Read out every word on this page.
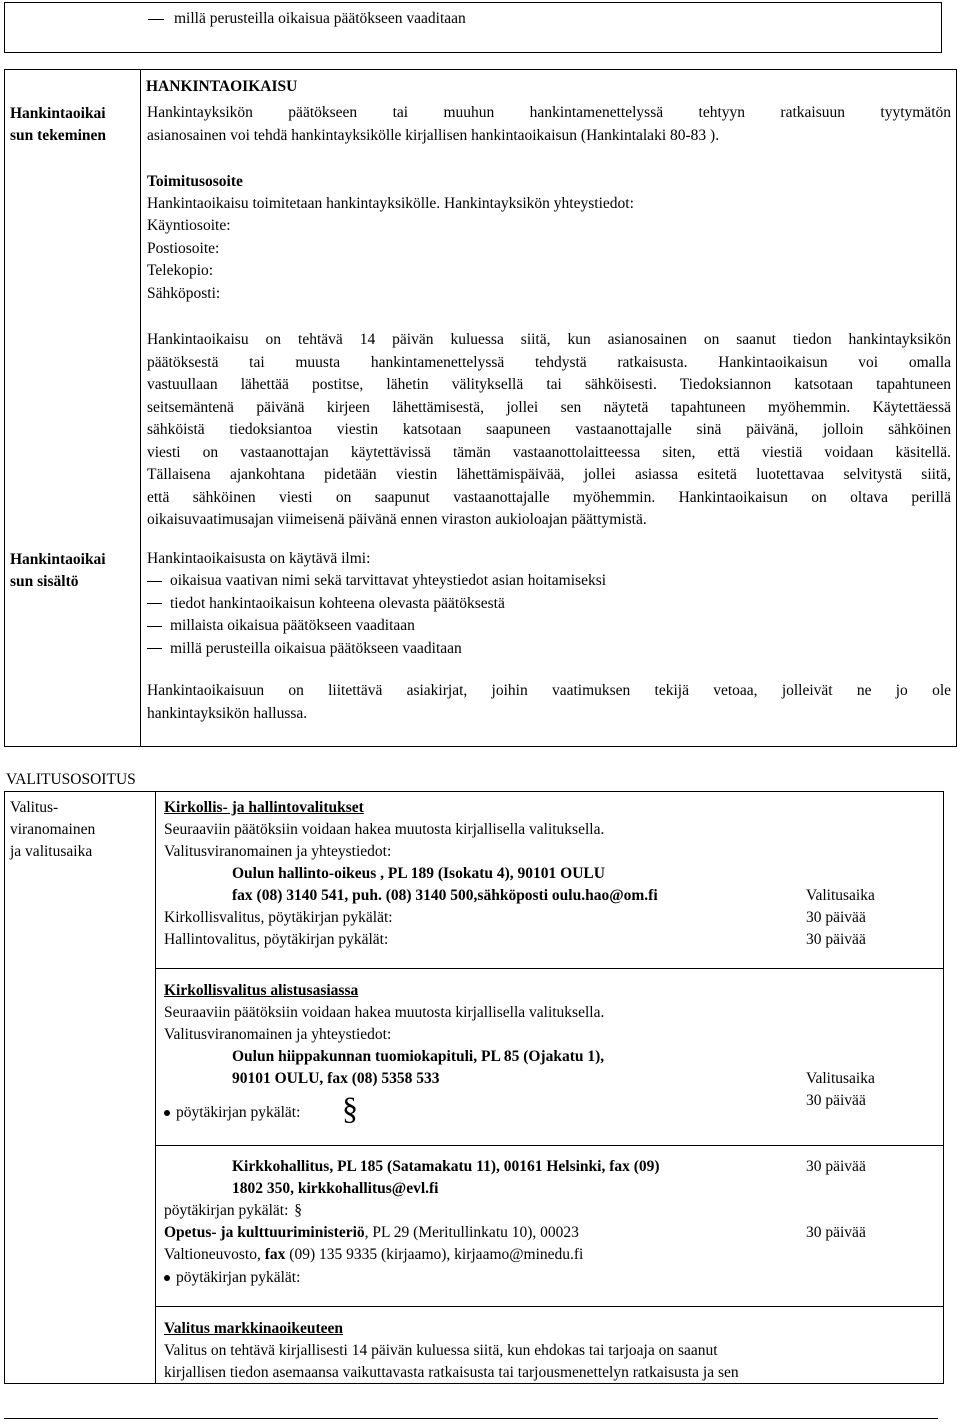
millä perusteilla oikaisua päätökseen vaaditaan
Hankintaoikai
sun tekeminen
HANKINTAOIKAISU
Hankintayksikön päätökseen tai muuhun hankintamenettelyssä tehtyyn ratkaisuun tyytymätön
asianosainen voi tehdä hankintayksikölle kirjallisen hankintaoikaisun (Hankintalaki 80-83 ).
Toimitusosoite
Hankintaoikaisu toimitetaan hankintayksikölle. Hankintayksikön yhteystiedot:
Käyntiosoite:
Postiosoite:
Telekopio:
Sähköposti:
Hankintaoikaisu on tehtävä 14 päivän kuluessa siitä, kun asianosainen on saanut tiedon hankintayksikön
päätöksestä tai muusta hankintamenettelyssä tehdystä ratkaisusta. Hankintaoikaisun voi omalla
vastuullaan lähettää postitse, lähetin välityksellä tai sähköisesti. Tiedoksiannon katsotaan tapahtuneen
seitsemäntenä päivänä kirjeen lähettämisestä, jollei sen näytetä tapahtuneen myöhemmin. Käytettäessä
sähköistä tiedoksiantoa viestin katsotaan saapuneen vastaanottajalle sinä päivänä, jolloin sähköinen
viesti on vastaanottajan käytettävissä tämän vastaanottolaitteessa siten, että viestiä voidaan käsitellä.
Tällaisena ajankohtana pidetään viestin lähettämispäivää, jollei asiassa esitetä luotettavaa selvitystä siitä,
että sähköinen viesti on saapunut vastaanottajalle myöhemmin. Hankintaoikaisun on oltava perillä
oikaisuvaatimusajan viimeisenä päivänä ennen viraston aukioloajan päättymistä.
Hankintaoikai
sun sisältö
Hankintaoikaisusta on käytävä ilmi:
oikaisua vaativan nimi sekä tarvittavat yhteystiedot asian hoitamiseksi
tiedot hankintaoikaisun kohteena olevasta päätöksestä
millaista oikaisua päätökseen vaaditaan
millä perusteilla oikaisua päätökseen vaaditaan
Hankintaoikaisuun on liitettävä asiakirjat, joihin vaatimuksen tekijä vetoaa, jolleivät ne jo ole
hankintayksikön hallussa.
VALITUSOSOITUS
Valitus-
viranomainen
ja valitusaika
Kirkollis- ja hallintovalitukset
Seuraaviin päätöksiin voidaan hakea muutosta kirjallisella valituksella.
Valitusviranomainen ja yhteystiedot:
Oulun hallinto-oikeus , PL 189 (Isokatu 4), 90101 OULU
fax (08) 3140 541, puh. (08) 3140 500,sähköposti oulu.hao@om.fi	Valitusaika
Kirkollisvalitus, pöytäkirjan pykälät:	30 päivää
Hallintovalitus, pöytäkirjan pykälät:	30 päivää
Kirkollisvalitus alistusasiassa
Seuraaviin päätöksiin voidaan hakea muutosta kirjallisella valituksella.
Valitusviranomainen ja yhteystiedot:
Oulun hiippakunnan tuomiokapituli, PL 85 (Ojakatu 1),
90101 OULU, fax (08) 5358 533	Valitusaika
pöytäkirjan pykälät: §	30 päivää
Kirkkohallitus, PL 185 (Satamakatu 11), 00161 Helsinki, fax (09)	30 päivää
1802 350, kirkkohallitus@evl.fi
pöytäkirjan pykälät: §
Opetus- ja kulttuuriministeriö, PL 29 (Meritullinkatu 10), 00023	30 päivää
Valtioneuvosto, fax (09) 135 9335 (kirjaamo), kirjaamo@minedu.fi
pöytäkirjan pykälät:
Valitus markkinaoikeuteen
Valitus on tehtävä kirjallisesti 14 päivän kuluessa siitä, kun ehdokas tai tarjoaja on saanut
kirjallisen tiedon asemaansa vaikuttavasta ratkaisusta tai tarjousmenettelyn ratkaisusta ja sen
